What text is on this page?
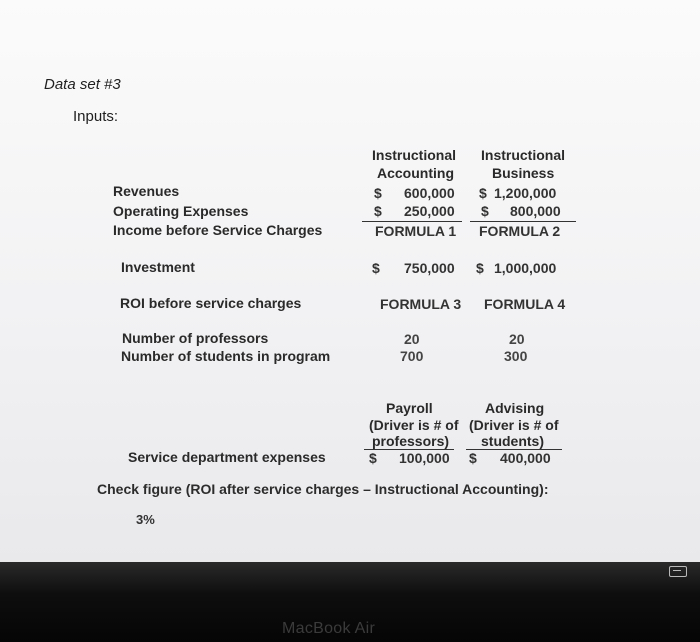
Data set #3
Inputs:
Instructional
Accounting
Instructional
Business
Revenues	$ 600,000 $ 1,200,000
Operating Expenses	$ 250,000 $ 800,000
Income before Service Charges	FORMULA 1 FORMULA 2
Investment	$ 750,000 $ 1,000,000
ROI before service charges	FORMULA 3 FORMULA 4
Number of professors	20	20
Number of students in program	700	300
Payroll
(Driver is # of
professors)
Advising
(Driver is # of
students)
Service department expenses	$ 100,000 $ 400,000
Check figure (ROI after service charges – Instructional Accounting):
3%
MacBook Air
